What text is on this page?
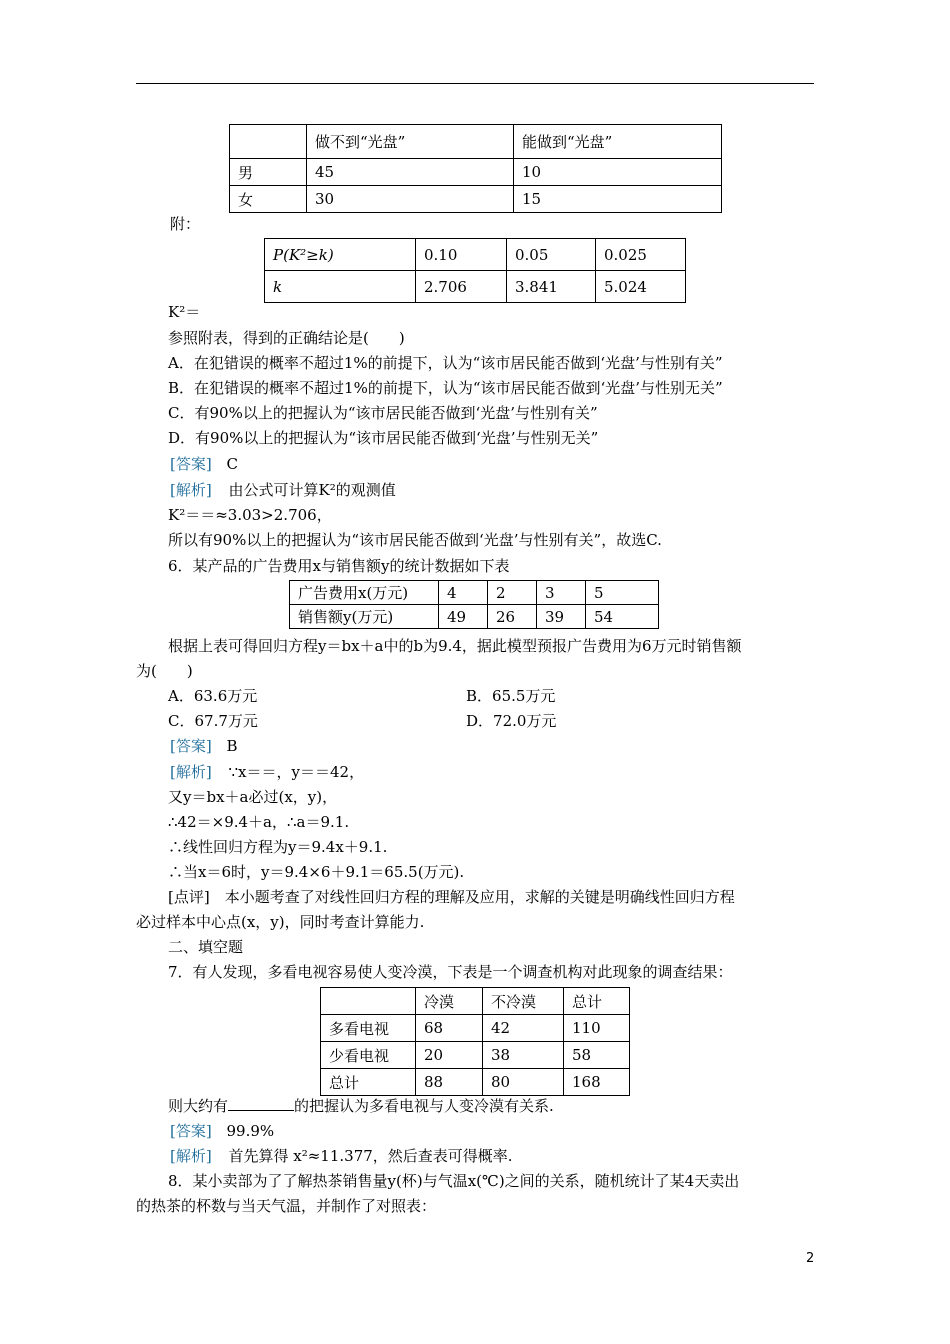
	做不到“光盘”	能做到“光盘”
男	45	10
女	30	15
附：
P(K²≥k)	0.10	0.05	0.025
k	2.706	3.841	5.024
K²＝
参照附表，得到的正确结论是(　　)
A．在犯错误的概率不超过1%的前提下，认为“该市居民能否做到‘光盘’与性别有关”
B．在犯错误的概率不超过1%的前提下，认为“该市居民能否做到‘光盘’与性别无关”
C．有90%以上的把握认为“该市居民能否做到‘光盘’与性别有关”
D．有90%以上的把握认为“该市居民能否做到‘光盘’与性别无关”
[答案] C
[解析] 由公式可计算K²的观测值
K²＝＝≈3.03>2.706，
所以有90%以上的把握认为“该市居民能否做到‘光盘’与性别有关”，故选C.
6．某产品的广告费用x与销售额y的统计数据如下表
广告费用x(万元)	4	2	3	5
销售额y(万元)	49	26	39	54
根据上表可得回归方程y＝bx＋a中的b为9.4，据此模型预报广告费用为6万元时销售额
为(　　)
A．63.6万元	B．65.5万元
C．67.7万元	D．72.0万元
[答案] B
[解析] ∵x＝＝，y＝＝42，
又y＝bx＋a必过(x，y)，
∴42＝×9.4＋a，∴a＝9.1.
∴线性回归方程为y＝9.4x＋9.1.
∴当x＝6时，y＝9.4×6＋9.1＝65.5(万元).
[点评]　本小题考查了对线性回归方程的理解及应用，求解的关键是明确线性回归方程
必过样本中心点(x，y)，同时考查计算能力.
二、填空题
7．有人发现，多看电视容易使人变冷漠，下表是一个调查机构对此现象的调查结果：
	冷漠	不冷漠	总计
多看电视	68	42	110
少看电视	20	38	58
总计	88	80	168
则大约有	的把握认为多看电视与人变冷漠有关系.
[答案] 99.9%
[解析] 首先算得 x²≈11.377，然后查表可得概率.
8．某小卖部为了了解热茶销售量y(杯)与气温x(℃)之间的关系，随机统计了某4天卖出
的热茶的杯数与当天气温，并制作了对照表：
2
